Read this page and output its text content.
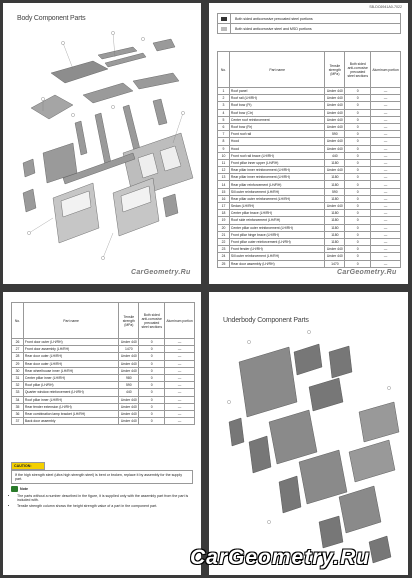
Body Component Parts
CarGeometry.Ru
SB-DC6941A0-7022
Both sided anticorrosive precoated steel portions
Both sided anticorrosive steel and MSD portions
No.	Part name	Tensile strength (MPa)	Both sided anti-corrosive precoated steel sections	Aluminum portion
1	Roof panel	Under 440	0	—
2	Roof rail (LH/RH)	Under 440	0	—
3	Roof bow (Ft)	Under 440	0	—
4	Roof bow (Ctr)	Under 440	0	—
5	Center roof reinforcement	Under 440	0	—
6	Roof bow (Rr)	Under 440	0	—
7	Front roof rail	590	0	—
8	Hood	Under 440	0	—
9	Hood	Under 440	0	—
10	Front roof rail brace (LH/RH)	440	0	—
11	Front pillar inner upper (LH/RH)	1180	0	—
12	Rear pillar inner reinforcement (LH/RH)	Under 440	0	—
13	Rear pillar inner reinforcement (LH/RH)	1180	0	—
14	Rear pillar reinforcement (LH/RH)	1180	0	—
15	Sill outer reinforcement (LH/RH)	590	0	—
16	Rear pillar outer reinforcement (LH/RH)	1180	0	—
17	Sedan (LH/RH)	Under 440	0	—
18	Center pillar brace (LH/RH)	1180	0	—
19	Roof side reinforcement (LH/RH)	1180	0	—
20	Center pillar outer reinforcement (LH/RH)	1180	0	—
21	Front pillar hinge brace (LH/RH)	1180	0	—
22	Front pillar outer reinforcement (LH/RH)	1180	0	—
23	Front fender (LH/RH)	Under 440	0	—
24	Sill outer reinforcement (LH/RH)	Under 440	0	—
25	Rear door assembly (LH/RH)	1470	0	—
CarGeometry.Ru
No.	Part name	Tensile strength (MPa)	Both sided anti-corrosive precoated steel sections	Aluminum portion
26	Front door outer (LH/RH)	Under 440	0	—
27	Front door assembly (LH/RH)	1470	0	—
28	Rear door outer (LH/RH)	Under 440	0	—
29	Rear door outer (LH/RH)	Under 440	0	—
30	Rear wheelhouse inner (LH/RH)	Under 440	0	—
31	Center pillar inner (LH/RH)	980	0	—
32	Roof pillar (LH/RH)	590	0	—
33	Quarter window reinforcement (LH/RH)	440	0	—
34	Roof pillar inner (LH/RH)	Under 440	0	—
35	Rear fender extension (LH/RH)	Under 440	0	—
36	Rear combination lamp bracket (LH/RH)	Under 440	0	—
37	Back door assembly	Under 440	0	—
CAUTION:
If the high strength steel (ultra high strength steel) is bent or broken, replace it by assembly for the supply part.
Note
• The parts without a number described in the figure, it is supplied only with the assembly part from the part is included with.
• Tensile strength column shows the height strength value of a part in the component part.
Underbody Component Parts
CarGeometry.Ru
